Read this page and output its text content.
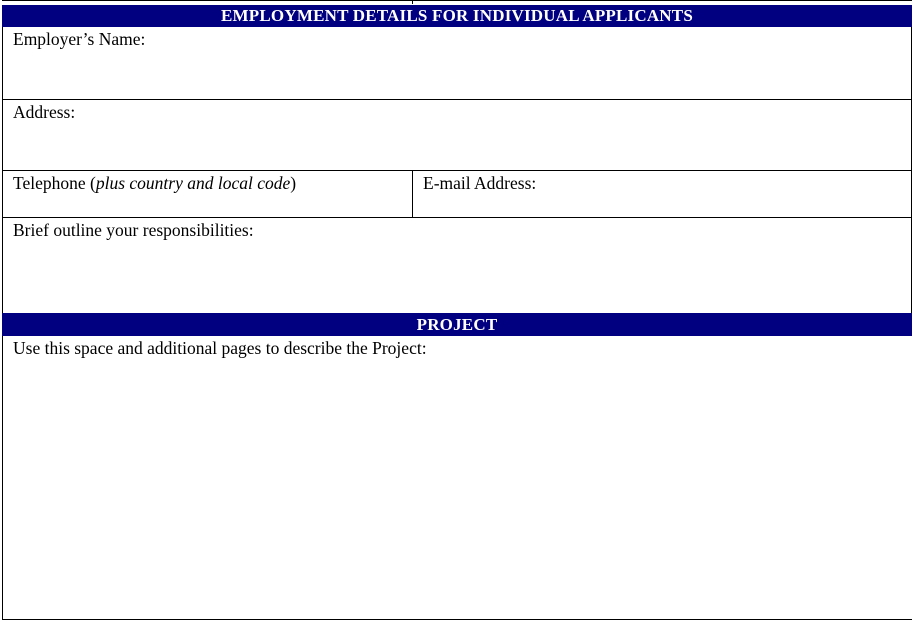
EMPLOYMENT DETAILS FOR INDIVIDUAL APPLICANTS
Employer’s Name:
Address:
Telephone (plus country and local code)	E-mail Address:
Brief outline your responsibilities:
PROJECT
Use this space and additional pages to describe the Project:
